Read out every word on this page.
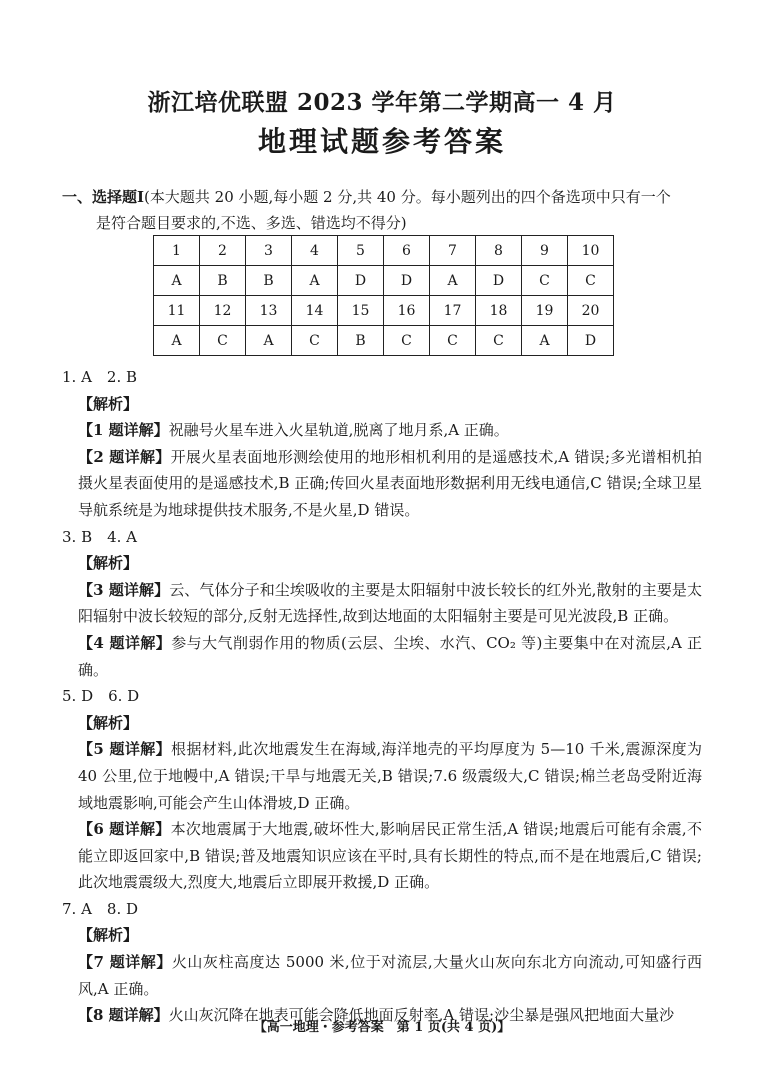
浙江培优联盟 2023 学年第二学期高一 4 月
地理试题参考答案
一、选择题Ⅰ(本大题共 20 小题,每小题 2 分,共 40 分。每小题列出的四个备选项中只有一个
是符合题目要求的,不选、多选、错选均不得分)
1	2	3	4	5	6	7	8	9	10
A	B	B	A	D	D	A	D	C	C
11	12	13	14	15	16	17	18	19	20
A	C	A	C	B	C	C	C	A	D

1. A　2. B

【解析】

【1 题详解】祝融号火星车进入火星轨道,脱离了地月系,A 正确。

【2 题详解】开展火星表面地形测绘使用的地形相机利用的是遥感技术,A 错误;多光谱相机拍摄火星表面使用的是遥感技术,B 正确;传回火星表面地形数据利用无线电通信,C 错误;全球卫星导航系统是为地球提供技术服务,不是火星,D 错误。

3. B　4. A

【解析】

【3 题详解】云、气体分子和尘埃吸收的主要是太阳辐射中波长较长的红外光,散射的主要是太阳辐射中波长较短的部分,反射无选择性,故到达地面的太阳辐射主要是可见光波段,B 正确。

【4 题详解】参与大气削弱作用的物质(云层、尘埃、水汽、CO₂ 等)主要集中在对流层,A 正确。

5. D　6. D

【解析】

【5 题详解】根据材料,此次地震发生在海域,海洋地壳的平均厚度为 5—10 千米,震源深度为 40 公里,位于地幔中,A 错误;干旱与地震无关,B 错误;7.6 级震级大,C 错误;棉兰老岛受附近海域地震影响,可能会产生山体滑坡,D 正确。

【6 题详解】本次地震属于大地震,破坏性大,影响居民正常生活,A 错误;地震后可能有余震,不能立即返回家中,B 错误;普及地震知识应该在平时,具有长期性的特点,而不是在地震后,C 错误;此次地震震级大,烈度大,地震后立即展开救援,D 正确。

7. A　8. D

【解析】

【7 题详解】火山灰柱高度达 5000 米,位于对流层,大量火山灰向东北方向流动,可知盛行西风,A 正确。

【8 题详解】火山灰沉降在地表可能会降低地面反射率,A 错误;沙尘暴是强风把地面大量沙

【高一地理・参考答案　第 1 页(共 4 页)】
